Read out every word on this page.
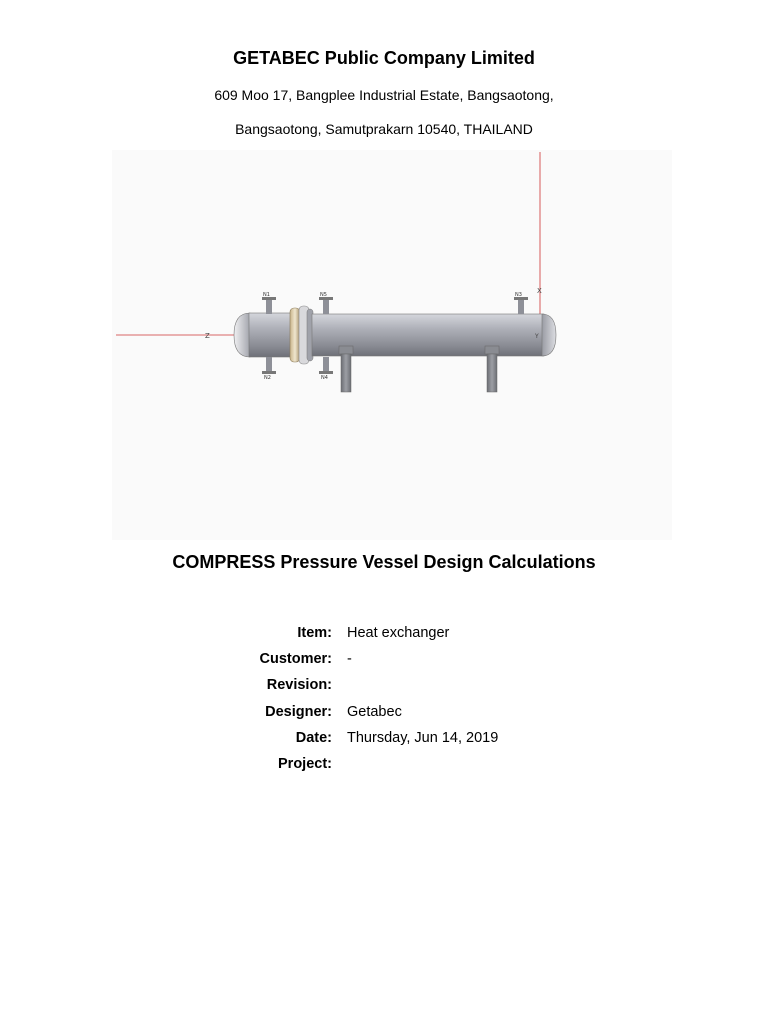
GETABEC Public Company Limited

609 Moo 17, Bangplee Industrial Estate, Bangsaotong,

Bangsaotong, Samutprakarn 10540, THAILAND

Z
X
Y
N1	N5	N3
N2	N4
COMPRESS Pressure Vessel Design Calculations
Item:	Heat exchanger
Customer:	-
Revision:
Designer:	Getabec
Date:	Thursday, Jun 14, 2019
Project:
